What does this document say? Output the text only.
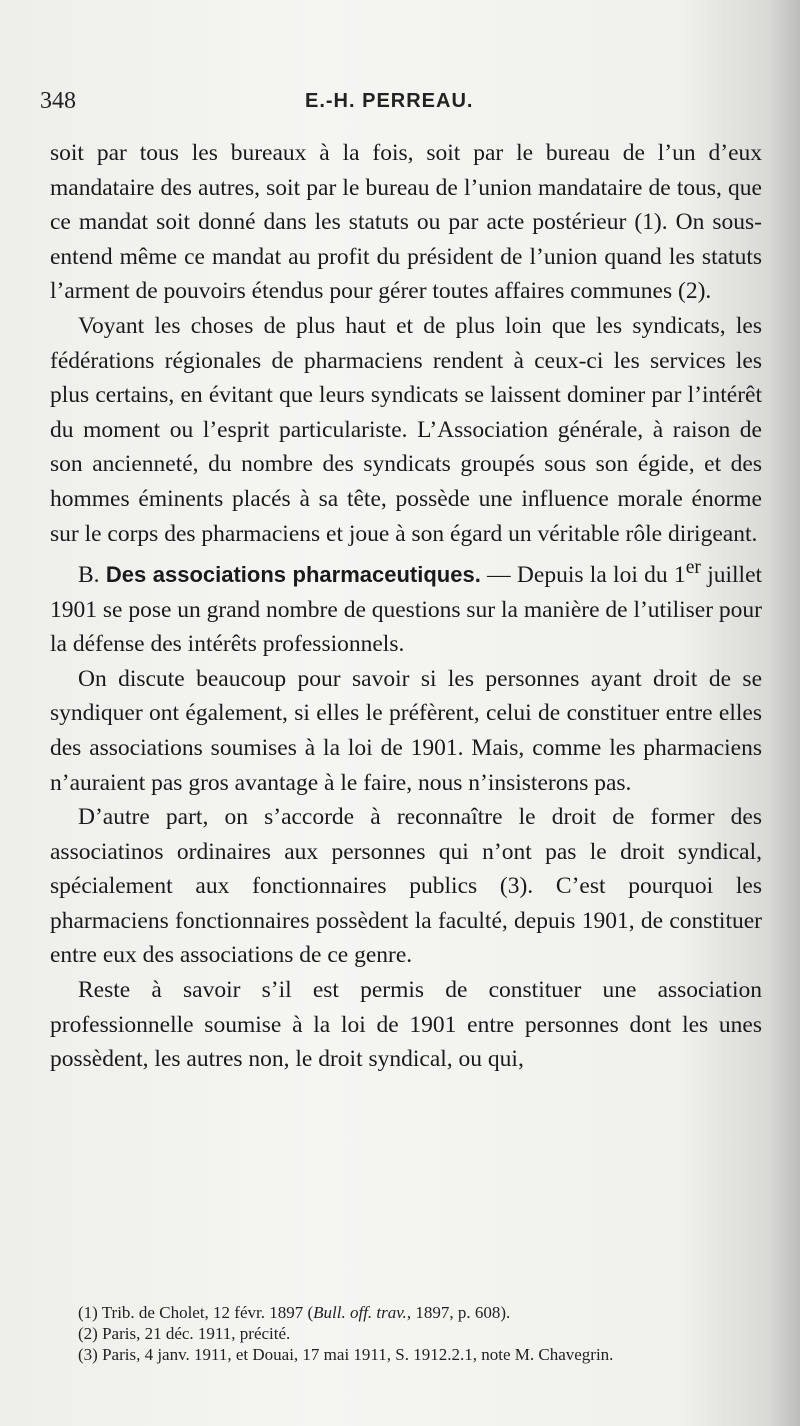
348	E.-H. PERREAU.

soit par tous les bureaux à la fois, soit par le bureau de l’un d’eux mandataire des autres, soit par le bureau de l’union mandataire de tous, que ce mandat soit donné dans les statuts ou par acte postérieur (1). On sous-entend même ce mandat au profit du président de l’union quand les statuts l’arment de pouvoirs étendus pour gérer toutes affaires communes (2).

Voyant les choses de plus haut et de plus loin que les syndicats, les fédérations régionales de pharmaciens rendent à ceux-ci les services les plus certains, en évitant que leurs syndicats se laissent dominer par l’intérêt du moment ou l’esprit particulariste. L’Association générale, à raison de son ancienneté, du nombre des syndicats groupés sous son égide, et des hommes éminents placés à sa tête, possède une influence morale énorme sur le corps des pharmaciens et joue à son égard un véritable rôle dirigeant.

B. Des associations pharmaceutiques. — Depuis la loi du 1er juillet 1901 se pose un grand nombre de questions sur la manière de l’utiliser pour la défense des intérêts professionnels.

On discute beaucoup pour savoir si les personnes ayant droit de se syndiquer ont également, si elles le préfèrent, celui de constituer entre elles des associations soumises à la loi de 1901. Mais, comme les pharmaciens n’auraient pas gros avantage à le faire, nous n’insisterons pas.

D’autre part, on s’accorde à reconnaître le droit de former des associatinos ordinaires aux personnes qui n’ont pas le droit syndical, spécialement aux fonctionnaires publics (3). C’est pourquoi les pharmaciens fonctionnaires possèdent la faculté, depuis 1901, de constituer entre eux des associations de ce genre.

Reste à savoir s’il est permis de constituer une association professionnelle soumise à la loi de 1901 entre personnes dont les unes possèdent, les autres non, le droit syndical, ou qui,

(1) Trib. de Cholet, 12 févr. 1897 (Bull. off. trav., 1897, p. 608).

(2) Paris, 21 déc. 1911, précité.

(3) Paris, 4 janv. 1911, et Douai, 17 mai 1911, S. 1912.2.1, note M. Chavegrin.
